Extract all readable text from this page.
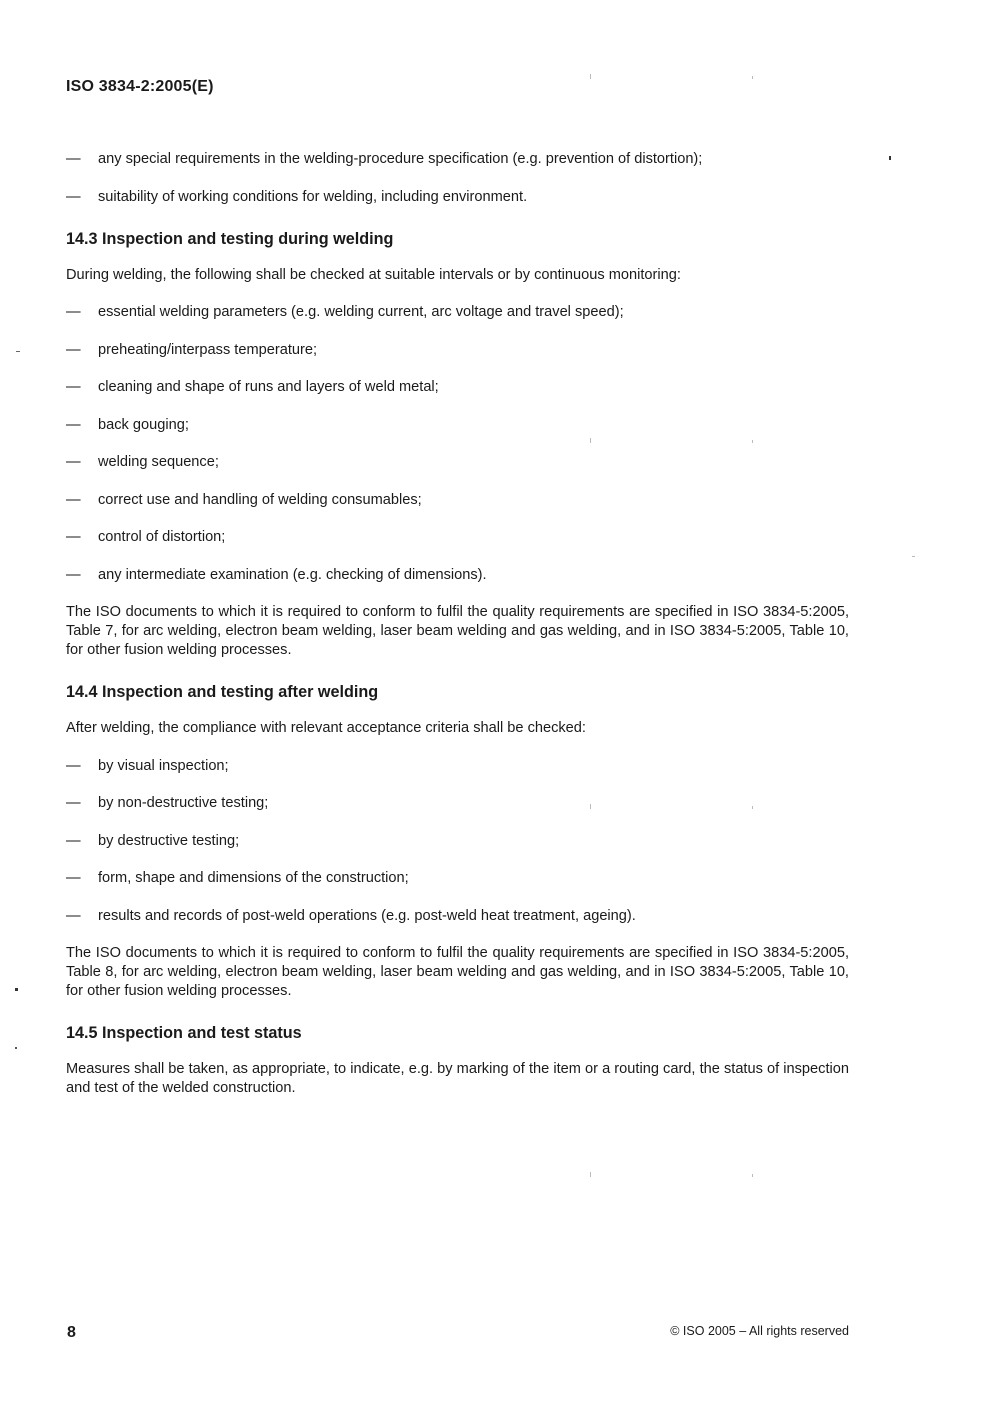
ISO 3834-2:2005(E)
—	any special requirements in the welding-procedure specification (e.g. prevention of distortion);
—	suitability of working conditions for welding, including environment.
14.3 Inspection and testing during welding

During welding, the following shall be checked at suitable intervals or by continuous monitoring:

—	essential welding parameters (e.g. welding current, arc voltage and travel speed);
—	preheating/interpass temperature;
—	cleaning and shape of runs and layers of weld metal;
—	back gouging;
—	welding sequence;
—	correct use and handling of welding consumables;
—	control of distortion;
—	any intermediate examination (e.g. checking of dimensions).

The ISO documents to which it is required to conform to fulfil the quality requirements are specified in ISO 3834-5:2005, Table 7, for arc welding, electron beam welding, laser beam welding and gas welding, and in ISO 3834-5:2005, Table 10, for other fusion welding processes.

14.4 Inspection and testing after welding

After welding, the compliance with relevant acceptance criteria shall be checked:

—	by visual inspection;
—	by non-destructive testing;
—	by destructive testing;
—	form, shape and dimensions of the construction;
—	results and records of post-weld operations (e.g. post-weld heat treatment, ageing).

The ISO documents to which it is required to conform to fulfil the quality requirements are specified in ISO 3834-5:2005, Table 8, for arc welding, electron beam welding, laser beam welding and gas welding, and in ISO 3834-5:2005, Table 10, for other fusion welding processes.

14.5 Inspection and test status

Measures shall be taken, as appropriate, to indicate, e.g. by marking of the item or a routing card, the status of inspection and test of the welded construction.

8	© ISO 2005 – All rights reserved
